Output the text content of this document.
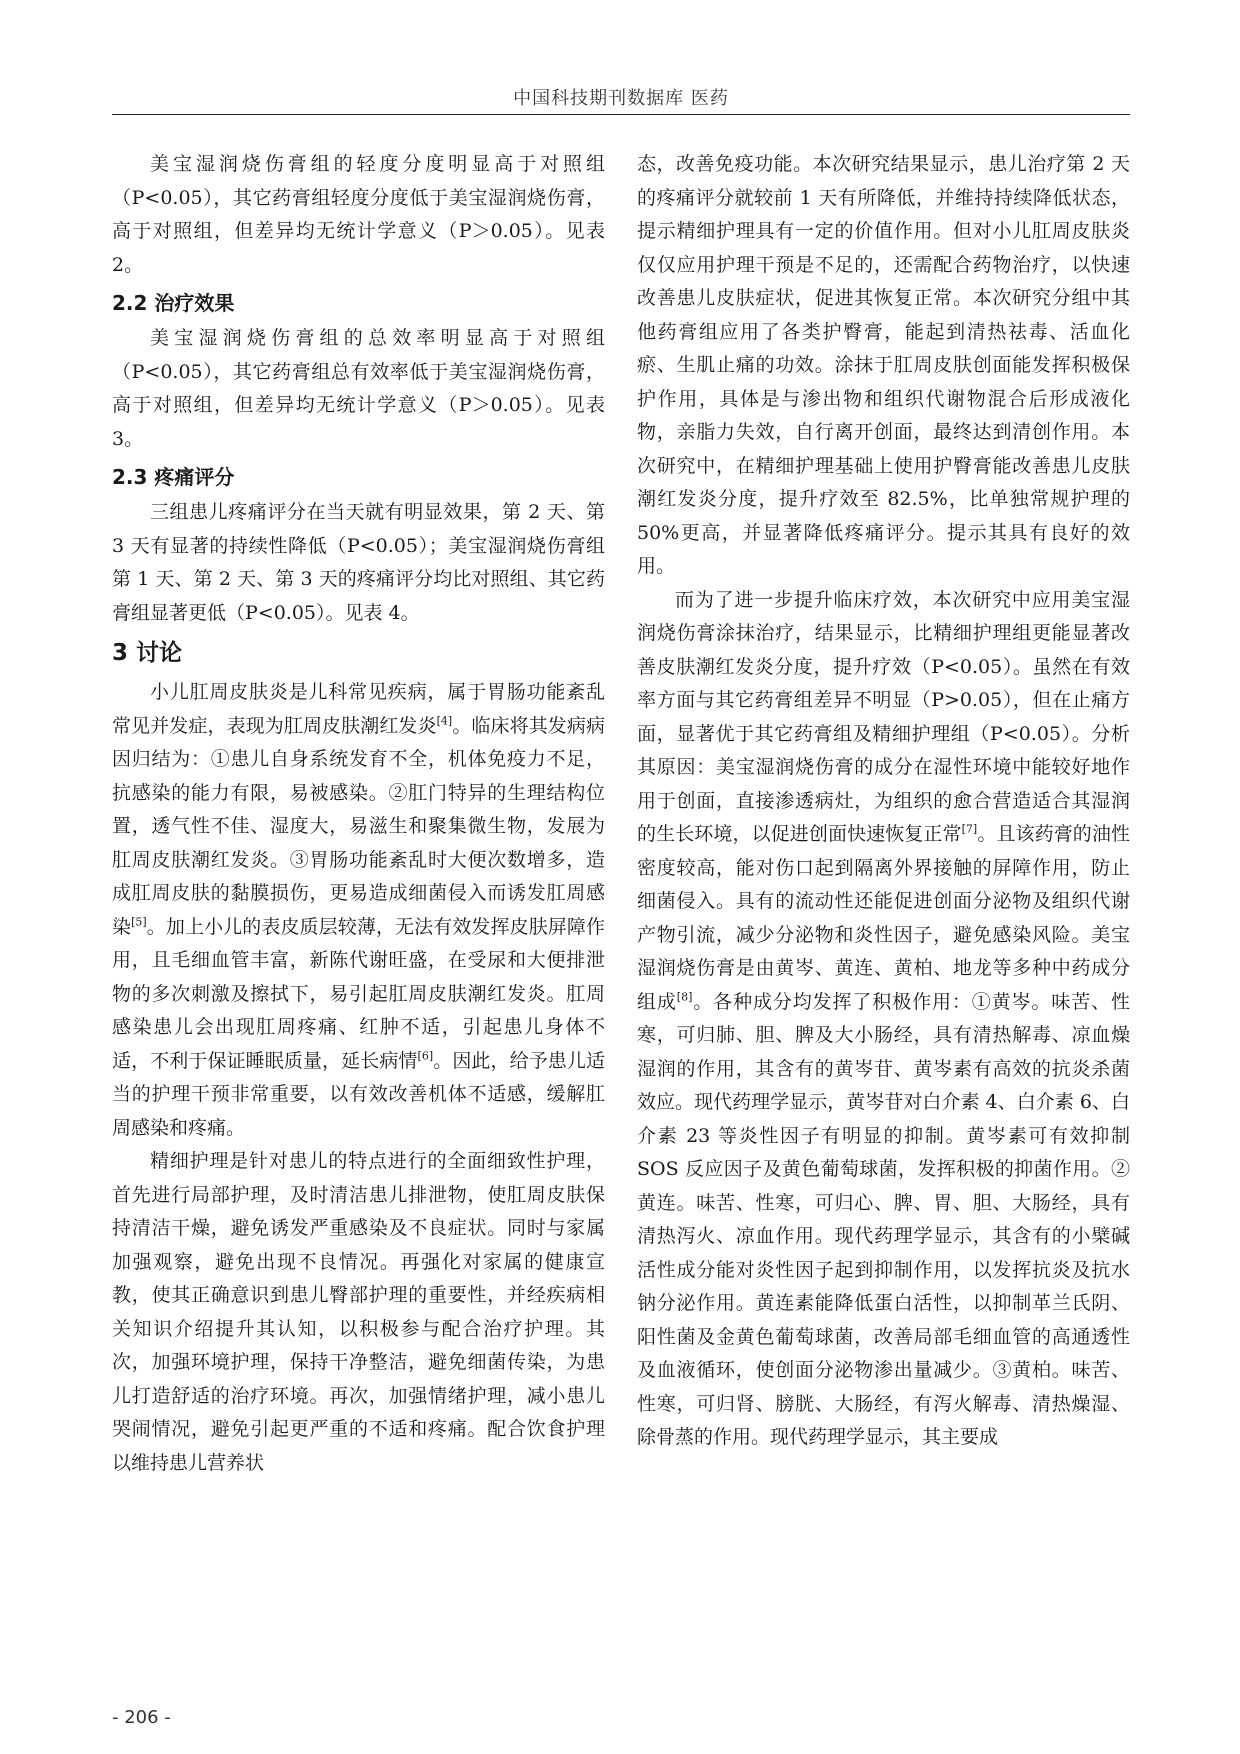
中国科技期刊数据库 医药

美宝湿润烧伤膏组的轻度分度明显高于对照组（P<0.05），其它药膏组轻度分度低于美宝湿润烧伤膏，高于对照组，但差异均无统计学意义（P＞0.05）。见表 2。

2.2 治疗效果

美宝湿润烧伤膏组的总效率明显高于对照组（P<0.05），其它药膏组总有效率低于美宝湿润烧伤膏，高于对照组，但差异均无统计学意义（P＞0.05）。见表 3。

2.3 疼痛评分

三组患儿疼痛评分在当天就有明显效果，第 2 天、第 3 天有显著的持续性降低（P<0.05）；美宝湿润烧伤膏组第 1 天、第 2 天、第 3 天的疼痛评分均比对照组、其它药膏组显著更低（P<0.05）。见表 4。

3 讨论

小儿肛周皮肤炎是儿科常见疾病，属于胃肠功能紊乱常见并发症，表现为肛周皮肤潮红发炎[4]。临床将其发病病因归结为：①患儿自身系统发育不全，机体免疫力不足，抗感染的能力有限，易被感染。②肛门特异的生理结构位置，透气性不佳、湿度大，易滋生和聚集微生物，发展为肛周皮肤潮红发炎。③胃肠功能紊乱时大便次数增多，造成肛周皮肤的黏膜损伤，更易造成细菌侵入而诱发肛周感染[5]。加上小儿的表皮质层较薄，无法有效发挥皮肤屏障作用，且毛细血管丰富，新陈代谢旺盛，在受尿和大便排泄物的多次刺激及擦拭下，易引起肛周皮肤潮红发炎。肛周感染患儿会出现肛周疼痛、红肿不适，引起患儿身体不适，不利于保证睡眠质量，延长病情[6]。因此，给予患儿适当的护理干预非常重要，以有效改善机体不适感，缓解肛周感染和疼痛。

精细护理是针对患儿的特点进行的全面细致性护理，首先进行局部护理，及时清洁患儿排泄物，使肛周皮肤保持清洁干燥，避免诱发严重感染及不良症状。同时与家属加强观察，避免出现不良情况。再强化对家属的健康宣教，使其正确意识到患儿臀部护理的重要性，并经疾病相关知识介绍提升其认知，以积极参与配合治疗护理。其次，加强环境护理，保持干净整洁，避免细菌传染，为患儿打造舒适的治疗环境。再次，加强情绪护理，减小患儿哭闹情况，避免引起更严重的不适和疼痛。配合饮食护理以维持患儿营养状

态，改善免疫功能。本次研究结果显示，患儿治疗第 2 天的疼痛评分就较前 1 天有所降低，并维持持续降低状态，提示精细护理具有一定的价值作用。但对小儿肛周皮肤炎仅仅应用护理干预是不足的，还需配合药物治疗，以快速改善患儿皮肤症状，促进其恢复正常。本次研究分组中其他药膏组应用了各类护臀膏，能起到清热祛毒、活血化瘀、生肌止痛的功效。涂抹于肛周皮肤创面能发挥积极保护作用，具体是与渗出物和组织代谢物混合后形成液化物，亲脂力失效，自行离开创面，最终达到清创作用。本次研究中，在精细护理基础上使用护臀膏能改善患儿皮肤潮红发炎分度，提升疗效至 82.5%，比单独常规护理的 50%更高，并显著降低疼痛评分。提示其具有良好的效用。

而为了进一步提升临床疗效，本次研究中应用美宝湿润烧伤膏涂抹治疗，结果显示，比精细护理组更能显著改善皮肤潮红发炎分度，提升疗效（P<0.05）。虽然在有效率方面与其它药膏组差异不明显（P>0.05），但在止痛方面，显著优于其它药膏组及精细护理组（P<0.05）。分析其原因：美宝湿润烧伤膏的成分在湿性环境中能较好地作用于创面，直接渗透病灶，为组织的愈合营造适合其湿润的生长环境，以促进创面快速恢复正常[7]。且该药膏的油性密度较高，能对伤口起到隔离外界接触的屏障作用，防止细菌侵入。具有的流动性还能促进创面分泌物及组织代谢产物引流，减少分泌物和炎性因子，避免感染风险。美宝湿润烧伤膏是由黄岑、黄连、黄柏、地龙等多种中药成分组成[8]。各种成分均发挥了积极作用：①黄岑。味苦、性寒，可归肺、胆、脾及大小肠经，具有清热解毒、凉血燥湿润的作用，其含有的黄岑苷、黄岑素有高效的抗炎杀菌效应。现代药理学显示，黄岑苷对白介素 4、白介素 6、白介素 23 等炎性因子有明显的抑制。黄岑素可有效抑制 SOS 反应因子及黄色葡萄球菌，发挥积极的抑菌作用。②黄连。味苦、性寒，可归心、脾、胃、胆、大肠经，具有清热泻火、凉血作用。现代药理学显示，其含有的小檗碱活性成分能对炎性因子起到抑制作用，以发挥抗炎及抗水钠分泌作用。黄连素能降低蛋白活性，以抑制革兰氏阴、阳性菌及金黄色葡萄球菌，改善局部毛细血管的高通透性及血液循环，使创面分泌物渗出量减少。③黄柏。味苦、性寒，可归肾、膀胱、大肠经，有泻火解毒、清热燥湿、除骨蒸的作用。现代药理学显示，其主要成

- 206 -
